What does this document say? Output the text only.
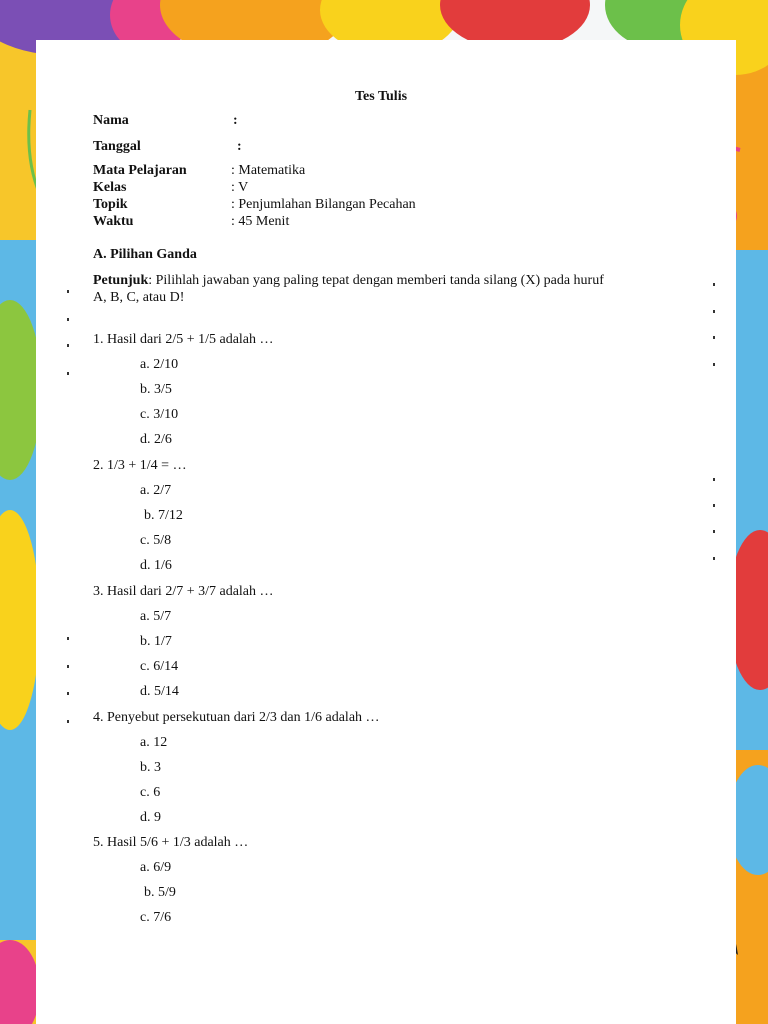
Tes Tulis
Nama	:
Tanggal	:
Mata Pelajaran	: Matematika
Kelas	: V
Topik	: Penjumlahan Bilangan Pecahan
Waktu	: 45 Menit
A. Pilihan Ganda
Petunjuk: Pilihlah jawaban yang paling tepat dengan memberi tanda silang (X) pada huruf
A, B, C, atau D!
1. Hasil dari 2/5 + 1/5 adalah …
a. 2/10
b. 3/5
c. 3/10
d. 2/6
2. 1/3 + 1/4 = …
a. 2/7
b. 7/12
c. 5/8
d. 1/6
3. Hasil dari 2/7 + 3/7 adalah …
a. 5/7
b. 1/7
c. 6/14
d. 5/14
4. Penyebut persekutuan dari 2/3 dan 1/6 adalah …
a. 12
b. 3
c. 6
d. 9
5. Hasil 5/6 + 1/3 adalah …
a. 6/9
b. 5/9
c. 7/6
